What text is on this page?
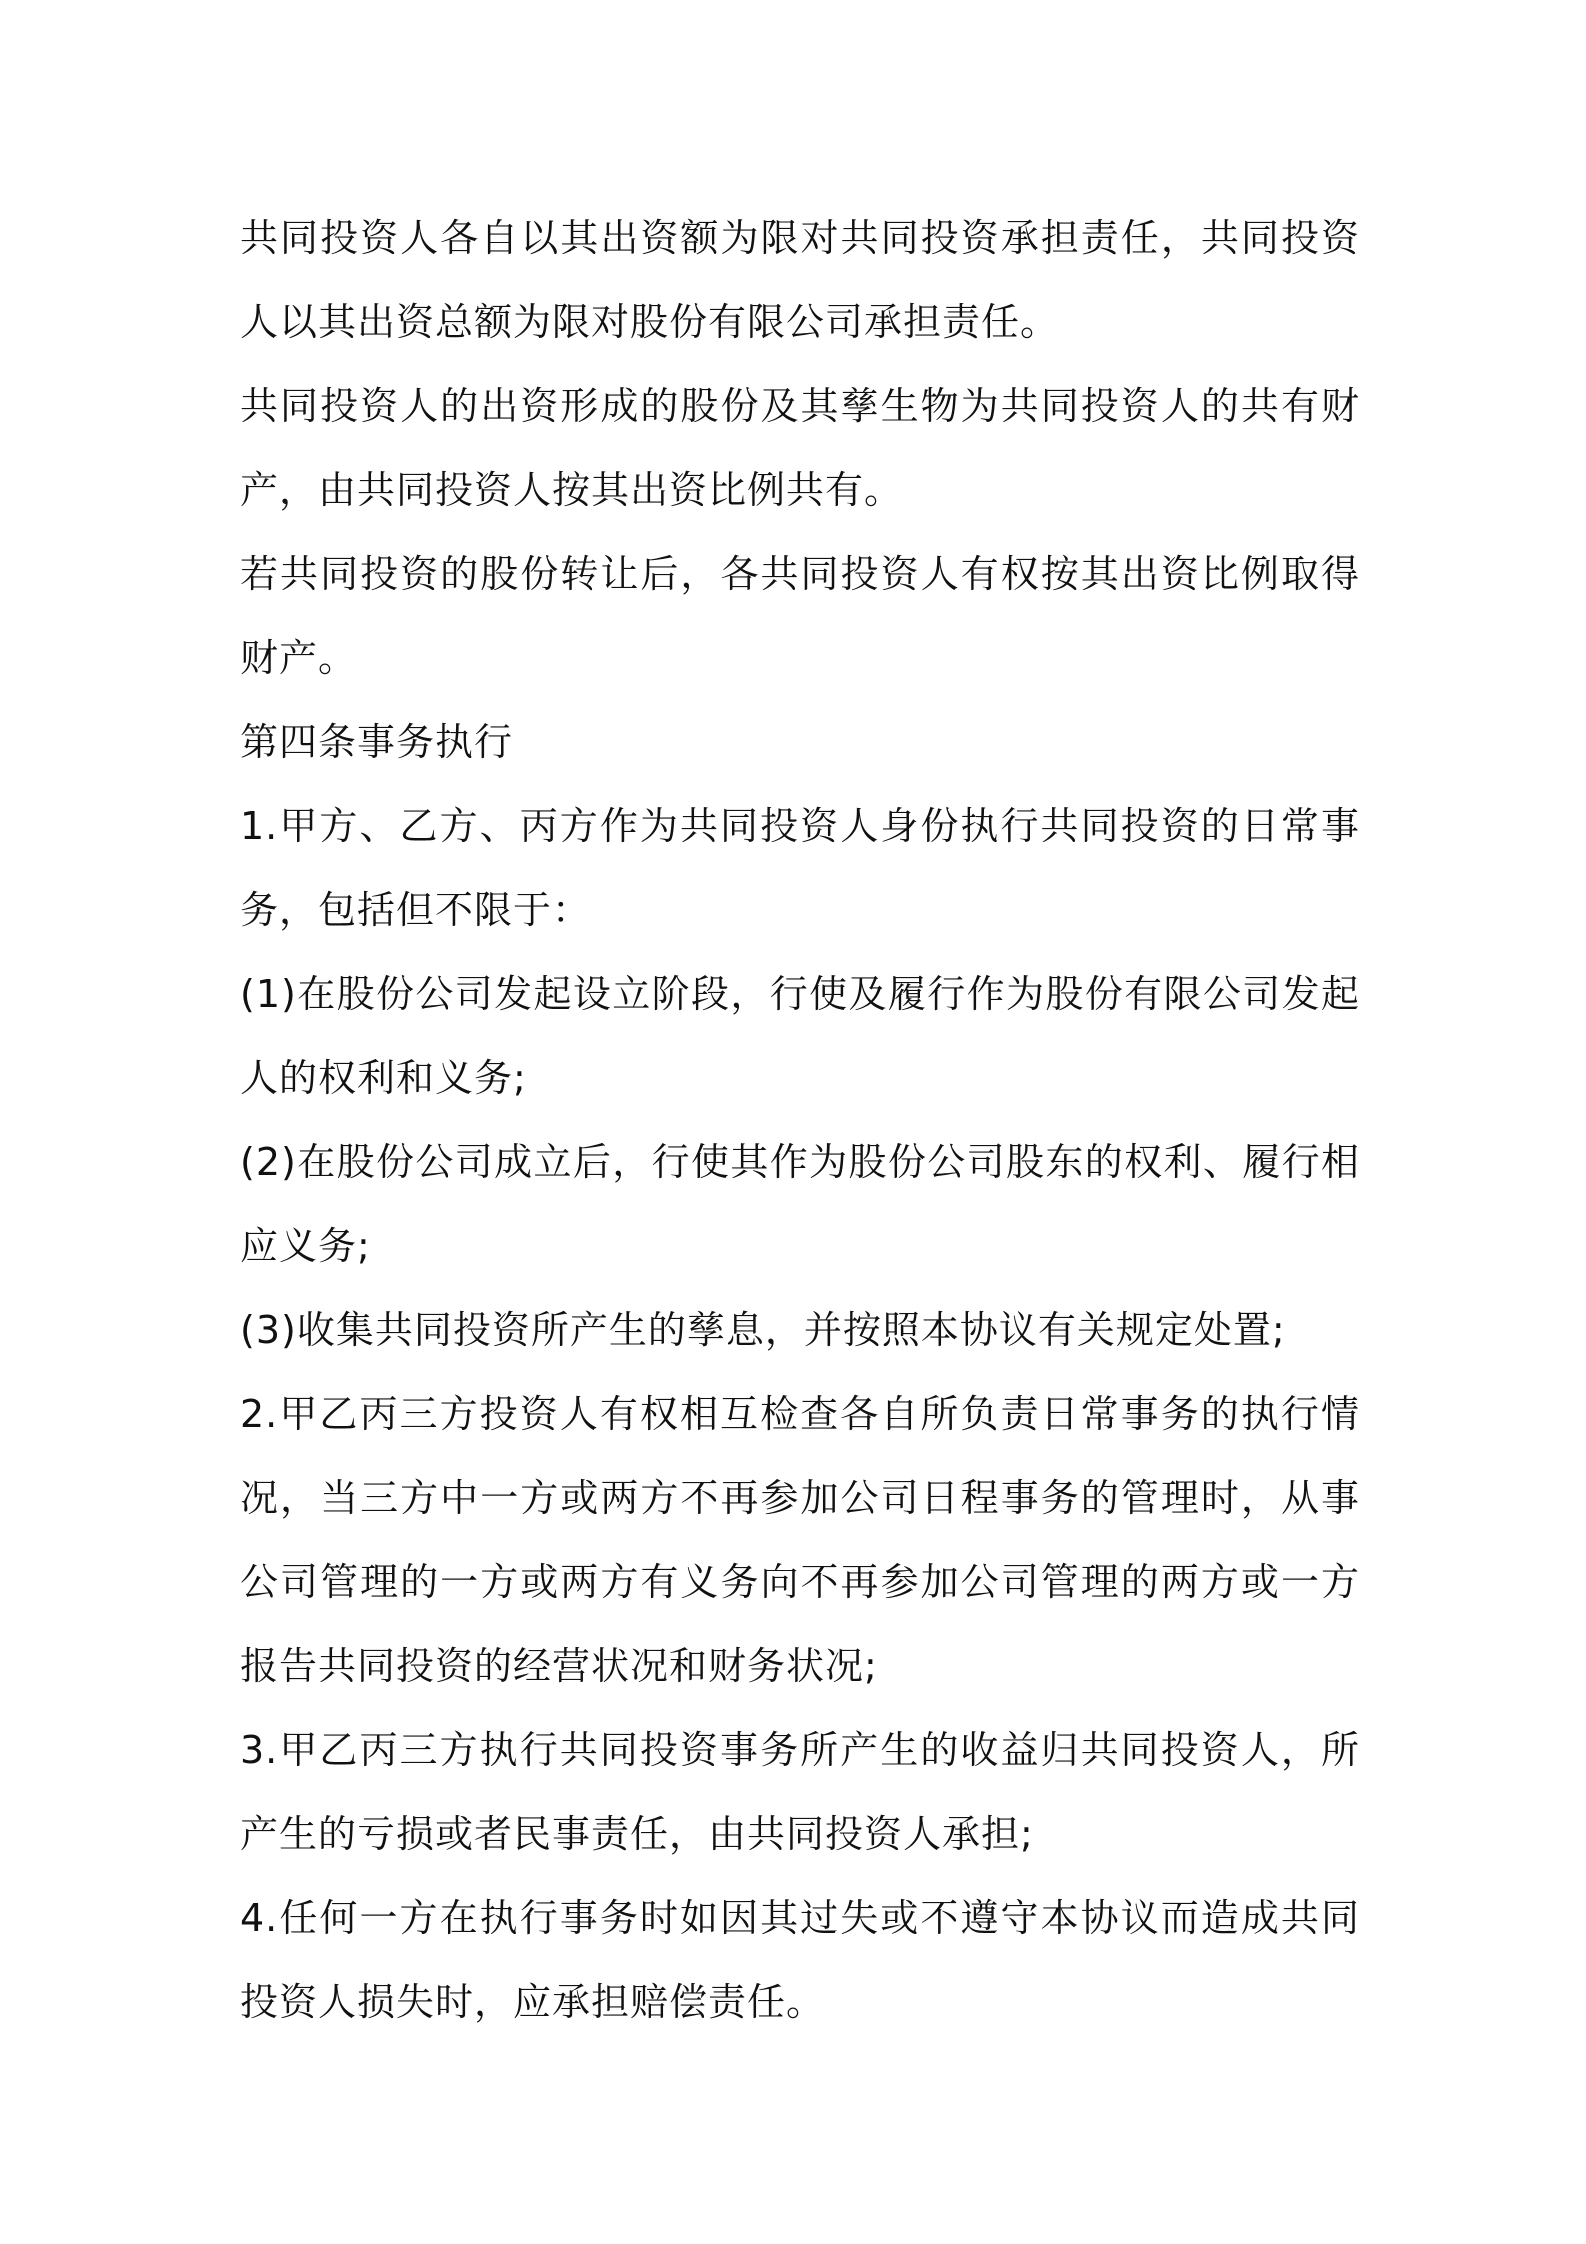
共同投资人各自以其出资额为限对共同投资承担责任，共同投资人以其出资总额为限对股份有限公司承担责任。

共同投资人的出资形成的股份及其孳生物为共同投资人的共有财产，由共同投资人按其出资比例共有。

若共同投资的股份转让后，各共同投资人有权按其出资比例取得财产。

第四条事务执行

1.甲方、乙方、丙方作为共同投资人身份执行共同投资的日常事务，包括但不限于：

(1)在股份公司发起设立阶段，行使及履行作为股份有限公司发起人的权利和义务;

(2)在股份公司成立后，行使其作为股份公司股东的权利、履行相应义务;

(3)收集共同投资所产生的孳息，并按照本协议有关规定处置;

2.甲乙丙三方投资人有权相互检查各自所负责日常事务的执行情况，当三方中一方或两方不再参加公司日程事务的管理时，从事公司管理的一方或两方有义务向不再参加公司管理的两方或一方报告共同投资的经营状况和财务状况;

3.甲乙丙三方执行共同投资事务所产生的收益归共同投资人，所产生的亏损或者民事责任，由共同投资人承担;

4.任何一方在执行事务时如因其过失或不遵守本协议而造成共同投资人损失时，应承担赔偿责任。
